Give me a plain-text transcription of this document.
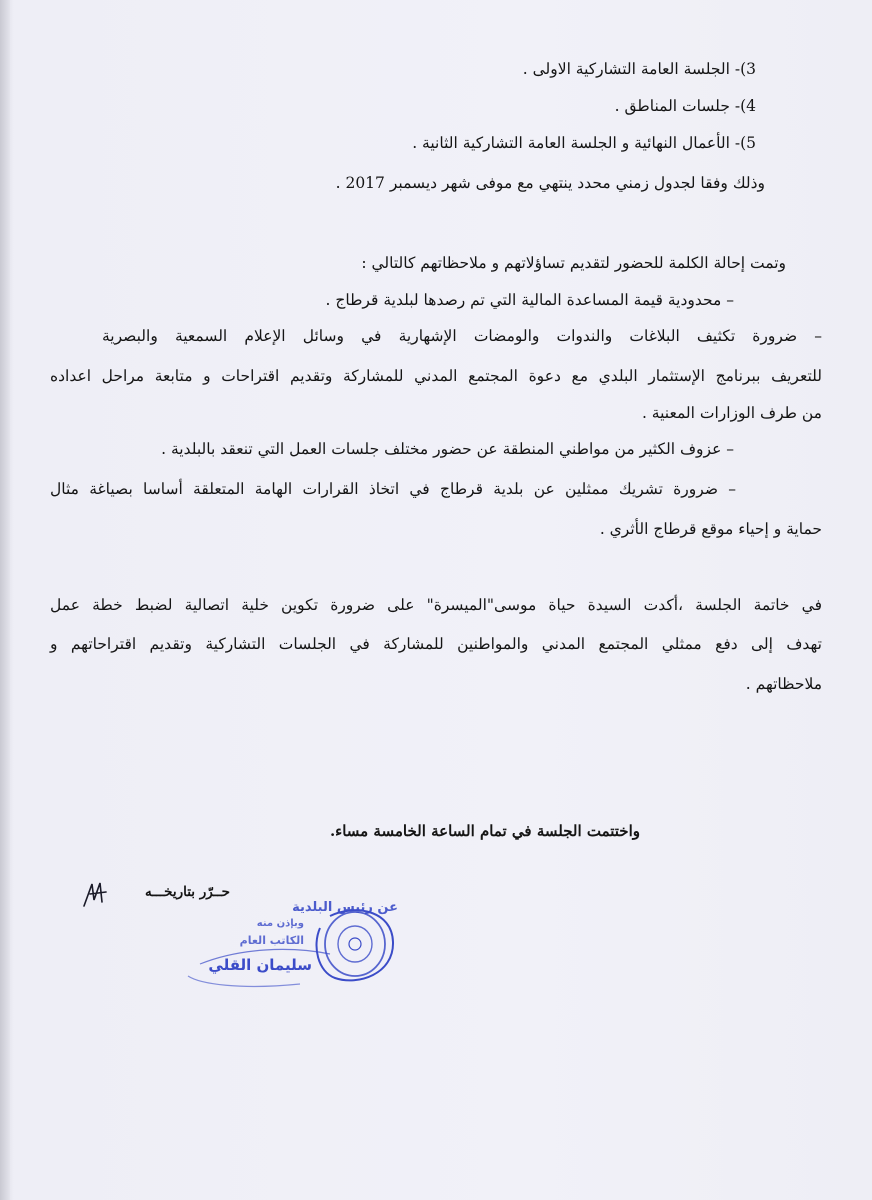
3)- الجلسة العامة التشاركية الاولى .
4)- جلسات المناطق .
5)- الأعمال النهائية و الجلسة العامة التشاركية الثانية .
وذلك وفقا لجدول زمني محدد ينتهي مع موفى شهر ديسمبر 2017 .
وتمت إحالة الكلمة للحضور لتقديم تساؤلاتهم و ملاحظاتهم كالتالي :
– محدودية قيمة المساعدة المالية التي تم رصدها لبلدية قرطاج .
– ضرورة تكثيف البلاغات والندوات والومضات الإشهارية في وسائل الإعلام السمعية والبصرية
للتعريف ببرنامج الإستثمار البلدي مع دعوة المجتمع المدني للمشاركة وتقديم اقتراحات و متابعة مراحل اعداده
من طرف الوزارات المعنية .
– عزوف الكثير من مواطني المنطقة عن حضور مختلف جلسات العمل التي تنعقد بالبلدية .
– ضرورة تشريك ممثلين عن بلدية قرطاج في اتخاذ القرارات الهامة المتعلقة أساسا بصياغة مثال
حماية و إحياء موقع قرطاج الأثري .
في خاتمة الجلسة ،أكدت السيدة حياة موسى"الميسرة" على ضرورة تكوين خلية اتصالية لضبط خطة عمل
تهدف إلى دفع ممثلي المجتمع المدني والمواطنين للمشاركة في الجلسات التشاركية وتقديم اقتراحاتهم و
ملاحظاتهم .
واختتمت الجلسة في تمام الساعة الخامسة مساء.
حــرّر بتاريخـــه
عن رئيس البلدية
وبإذن منه
الكاتب العام
سليمان القلي
